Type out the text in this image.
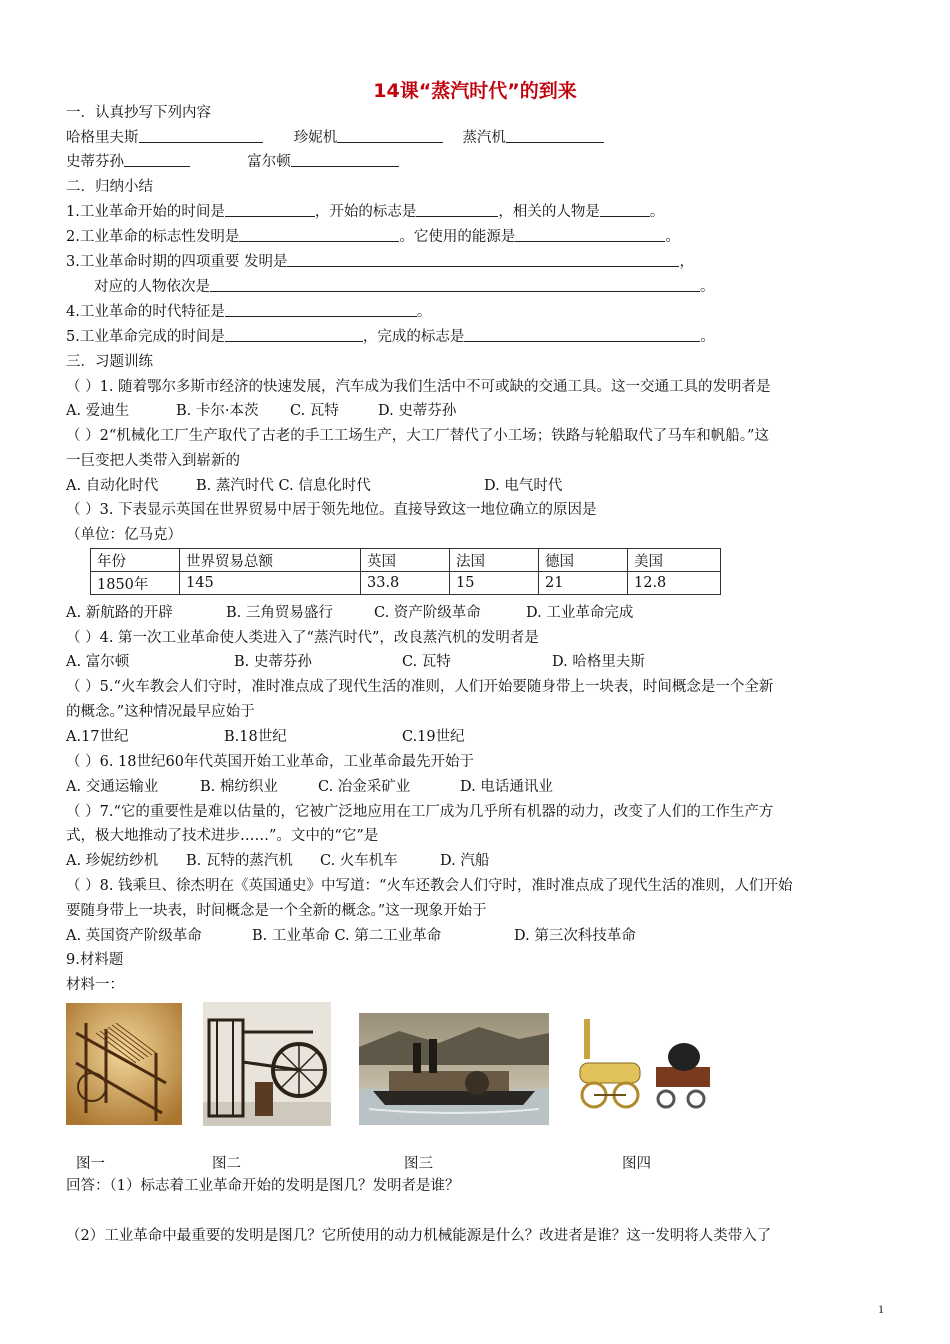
14课“蒸汽时代”的到来
一．认真抄写下列内容
哈格里夫斯	珍妮机	蒸汽机
史蒂芬孙	富尔顿
二．归纳小结
1.工业革命开始的时间是	，开始的标志是	，相关的人物是	。
2.工业革命的标志性发明是	。它使用的能源是	。
3.工业革命时期的四项重要 发明是	，
对应的人物依次是	。
4.工业革命的时代特征是	。
5.工业革命完成的时间是	，完成的标志是	。
三．习题训练
（ ）1. 随着鄂尔多斯市经济的快速发展，汽车成为我们生活中不可或缺的交通工具。这一交通工具的发明者是
A. 爱迪生	B. 卡尔·本茨 C. 瓦特	D. 史蒂芬孙
（ ）2“机械化工厂生产取代了古老的手工工场生产，大工厂替代了小工场；铁路与轮船取代了马车和帆船。”这
一巨变把人类带入到崭新的
A. 自动化时代	B. 蒸汽时代 C. 信息化时代	D. 电气时代
（ ）3. 下表显示英国在世界贸易中居于领先地位。直接导致这一地位确立的原因是
（单位：亿马克）
年份	世界贸易总额	英国	法国	德国	美国
1850年	145	33.8	15	21	12.8
A. 新航路的开辟	B. 三角贸易盛行	C. 资产阶级革命	D. 工业革命完成
（ ）4. 第一次工业革命使人类进入了“蒸汽时代”，改良蒸汽机的发明者是
A. 富尔顿	B. 史蒂芬孙	C. 瓦特	D. 哈格里夫斯
（ ）5.“火车教会人们守时，准时准点成了现代生活的准则，人们开始要随身带上一块表，时间概念是一个全新
的概念。”这种情况最早应始于
A.17世纪	B.18世纪	C.19世纪
（ ）6. 18世纪60年代英国开始工业革命，工业革命最先开始于
A. 交通运输业	B. 棉纺织业	C. 冶金采矿业	D. 电话通讯业
（ ）7.“它的重要性是难以估量的，它被广泛地应用在工厂成为几乎所有机器的动力，改变了人们的工作生产方
式，极大地推动了技术进步……”。文中的“它”是
A. 珍妮纺纱机 B. 瓦特的蒸汽机 C. 火车机车	D. 汽船
（ ）8. 钱乘旦、徐杰明在《英国通史》中写道：“火车还教会人们守时，准时准点成了现代生活的准则，人们开始
要随身带上一块表，时间概念是一个全新的概念。”这一现象开始于
A. 英国资产阶级革命	B. 工业革命 C. 第二工业革命	D. 第三次科技革命
9.材料题
材料一：
图一	图二	图三	图四
回答：（1）标志着工业革命开始的发明是图几？发明者是谁？
（2）工业革命中最重要的发明是图几？它所使用的动力机械能源是什么？改进者是谁？这一发明将人类带入了
1
